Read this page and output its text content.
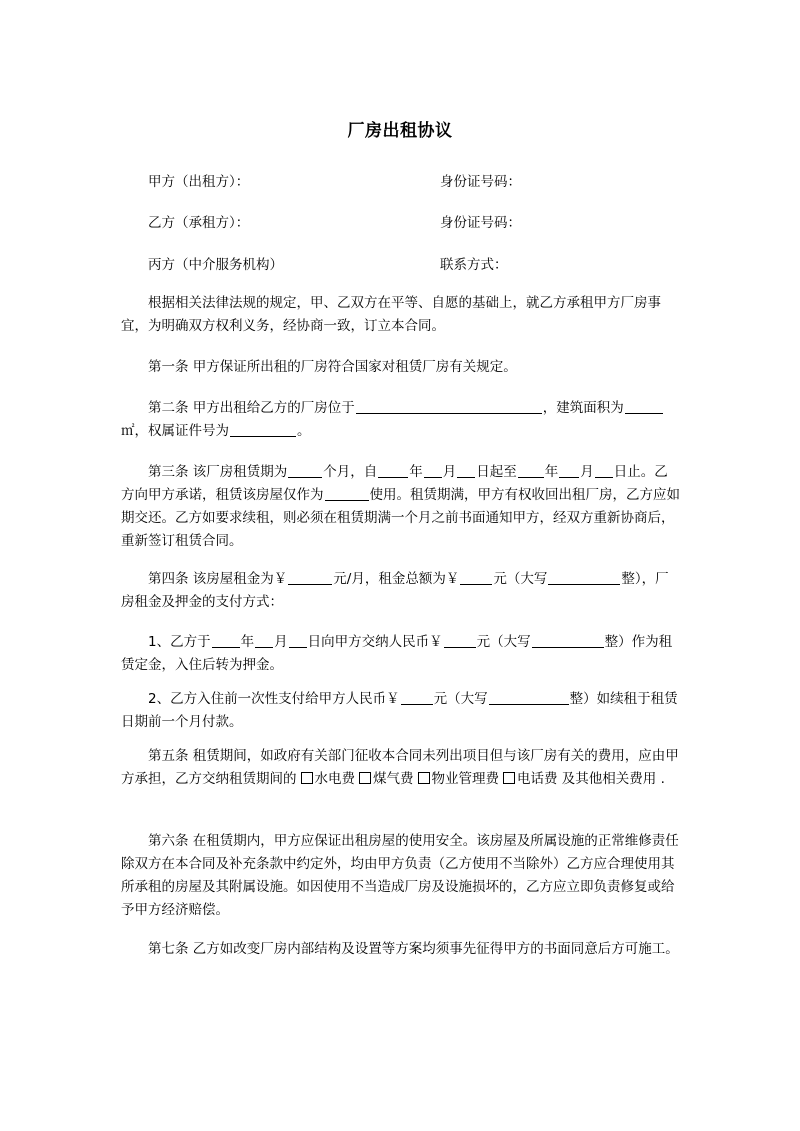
厂房出租协议
甲方（出租方）：	身份证号码：
乙方（承租方）：	身份证号码：
丙方（中介服务机构）	联系方式：
根据相关法律法规的规定，甲、乙双方在平等、自愿的基础上，就乙方承租甲方厂房事宜，为明确双方权利义务，经协商一致，订立本合同。
第一条 甲方保证所出租的厂房符合国家对租赁厂房有关规定。
第二条 甲方出租给乙方的厂房位于	，建筑面积为㎡，权属证件号为	。
第三条 该厂房租赁期为	个月，自 年 月 日起至 年 月 日止。乙方向甲方承诺，租赁该房屋仅作为	使用。租赁期满，甲方有权收回出租厂房，乙方应如期交还。乙方如要求续租，则必须在租赁期满一个月之前书面通知甲方，经双方重新协商后，重新签订租赁合同。
第四条 该房屋租金为￥	元/月，租金总额为￥	元（大写	整），厂房租金及押金的支付方式：
1、乙方于 年 月 日向甲方交纳人民币￥	元（大写	整）作为租赁定金，入住后转为押金。
2、乙方入住前一次性支付给甲方人民币￥	元（大写	整）如续租于租赁日期前一个月付款。
第五条 租赁期间，如政府有关部门征收本合同未列出项目但与该厂房有关的费用，应由甲方承担，乙方交纳租赁期间的 水电费 煤气费 物业管理费 电话费 及其他相关费用 .
第六条 在租赁期内，甲方应保证出租房屋的使用安全。该房屋及所属设施的正常维修责任除双方在本合同及补充条款中约定外，均由甲方负责（乙方使用不当除外）乙方应合理使用其所承租的房屋及其附属设施。如因使用不当造成厂房及设施损坏的，乙方应立即负责修复或给予甲方经济赔偿。
第七条 乙方如改变厂房内部结构及设置等方案均须事先征得甲方的书面同意后方可施工。
